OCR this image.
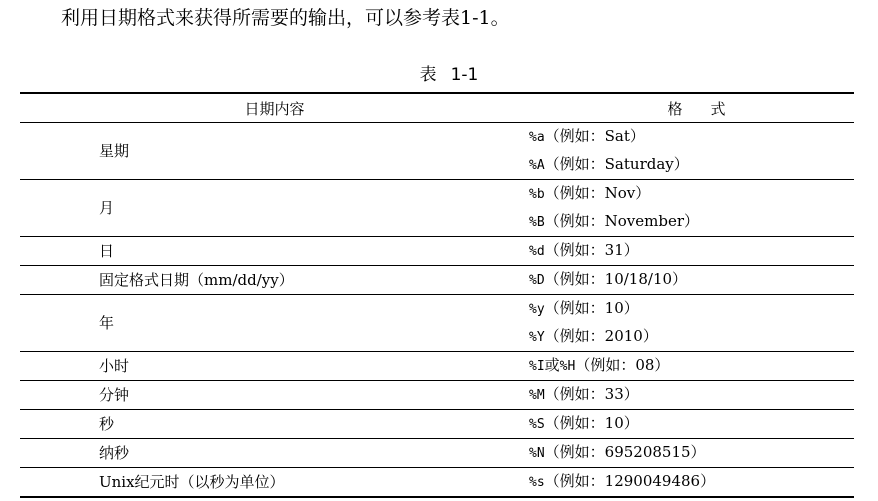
利用日期格式来获得所需要的输出，可以参考表1-1。

表 1-1
日期内容	格 式
星期	%a（例如：Sat）
	%A（例如：Saturday）
月	%b（例如：Nov）
	%B（例如：November）
日	%d（例如：31）
固定格式日期（mm/dd/yy）	%D（例如：10/18/10）
年	%y（例如：10）
	%Y（例如：2010）
小时	%I或%H（例如：08）
分钟	%M（例如：33）
秒	%S（例如：10）
纳秒	%N（例如：695208515）
Unix纪元时（以秒为单位）	%s（例如：1290049486）
